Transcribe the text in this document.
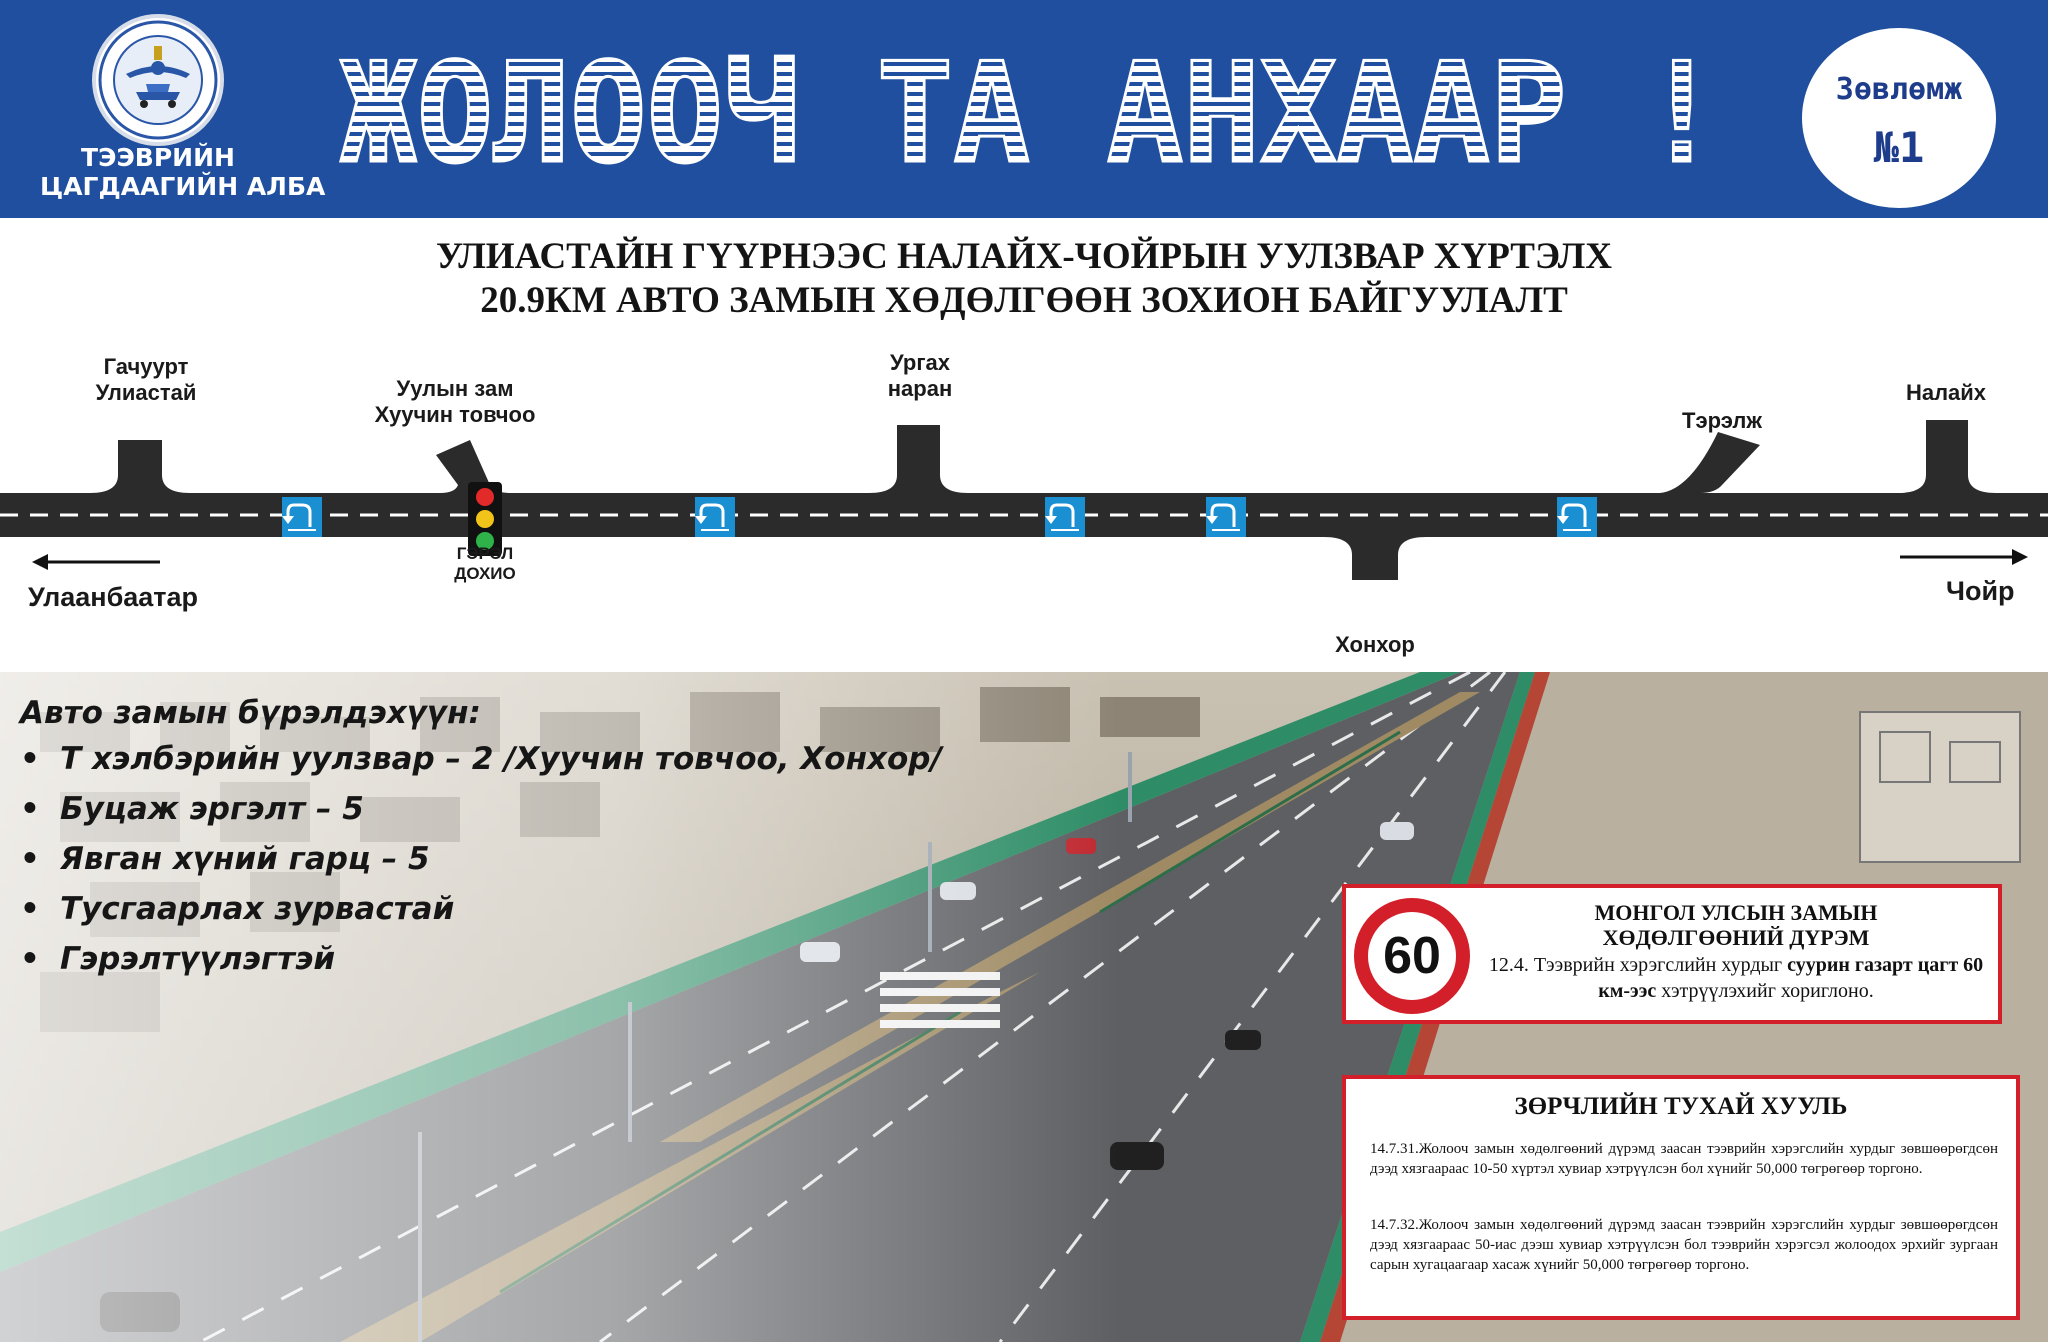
ТЭЭВРИЙН
ЦАГДААГИЙН АЛБА ЖОЛООЧ ТА АНХААР !	Зөвлөмж
№1
УЛИАСТАЙН ГҮҮРНЭЭС НАЛАЙХ-ЧОЙРЫН УУЛЗВАР ХҮРТЭЛХ
20.9КМ АВТО ЗАМЫН ХӨДӨЛГӨӨН ЗОХИОН БАЙГУУЛАЛТ
Гачуурт
Улиастай	Уулын зам
Хуучин товчоо
Ургах
наран
Тэрэлж
Налайх
Хонхор
ГЭРЭЛ
ДОХИО
Улаанбаатар	Чойр
Авто замын бүрэлдэхүүн:
• Т хэлбэрийн уулзвар – 2 /Хуучин товчоо, Хонхор/
• Буцаж эргэлт – 5
• Явган хүний гарц – 5
• Тусгаарлах зурвастай
• Гэрэлтүүлэгтэй	60
МОНГОЛ УЛСЫН ЗАМЫН
ХӨДӨЛГӨӨНИЙ ДҮРЭМ
12.4. Тээврийн хэрэгслийн хурдыг суурин газарт цагт 60 км-ээс хэтрүүлэхийг хориглоно.
ЗӨРЧЛИЙН ТУХАЙ ХУУЛЬ
14.7.31.Жолооч замын хөдөлгөөний дүрэмд заасан тээврийн хэрэгслийн хурдыг зөвшөөрөгдсөн дээд хязгаараас 10-50 хүртэл хувиар хэтрүүлсэн бол хүнийг 50,000 төгрөгөөр торгоно.
14.7.32.Жолооч замын хөдөлгөөний дүрэмд заасан тээврийн хэрэгслийн хурдыг зөвшөөрөгдсөн дээд хязгаараас 50-иас дээш хувиар хэтрүүлсэн бол тээврийн хэрэгсэл жолоодох эрхийг зургаан сарын хугацаагаар хасаж хүнийг 50,000 төгрөгөөр торгоно.
